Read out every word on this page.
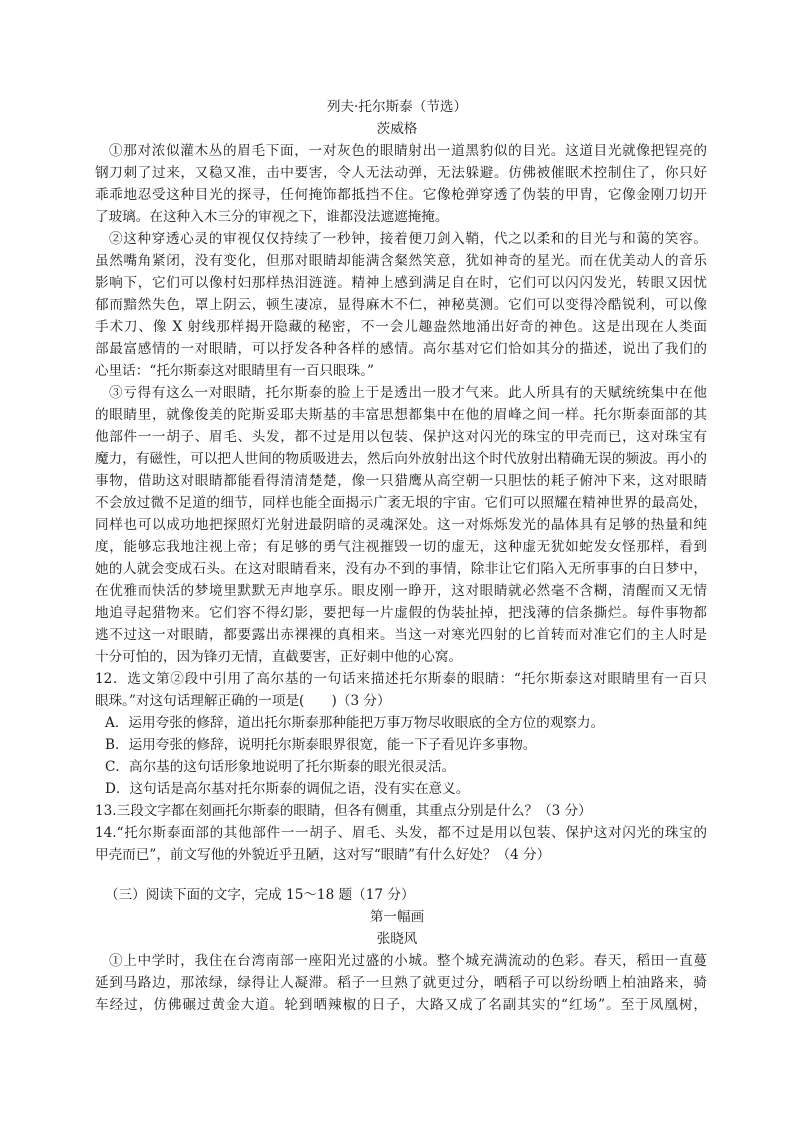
列夫·托尔斯泰（节选）
茨威格
①那对浓似灌木丛的眉毛下面，一对灰色的眼睛射出一道黑豹似的目光。这道目光就像把锃亮的
钢刀刺了过来，又稳又准，击中要害，令人无法动弹，无法躲避。仿佛被催眠术控制住了，你只好
乖乖地忍受这种目光的探寻，任何掩饰都抵挡不住。它像枪弹穿透了伪装的甲胄，它像金刚刀切开
了玻璃。在这种入木三分的审视之下，谁都没法遮遮掩掩。
②这种穿透心灵的审视仅仅持续了一秒钟，接着便刀剑入鞘，代之以柔和的目光与和蔼的笑容。
虽然嘴角紧闭，没有变化，但那对眼睛却能满含粲然笑意，犹如神奇的星光。而在优美动人的音乐
影响下，它们可以像村妇那样热泪涟涟。精神上感到满足自在时，它们可以闪闪发光，转眼又因忧
郁而黯然失色，罩上阴云，顿生凄凉，显得麻木不仁，神秘莫测。它们可以变得冷酷锐利，可以像
手术刀、像 X 射线那样揭开隐藏的秘密，不一会儿趣盎然地涌出好奇的神色。这是出现在人类面
部最富感情的一对眼睛，可以抒发各种各样的感情。高尔基对它们恰如其分的描述，说出了我们的
心里话：“托尔斯泰这对眼睛里有一百只眼珠。”
③亏得有这么一对眼睛，托尔斯泰的脸上于是透出一股才气来。此人所具有的天赋统统集中在他
的眼睛里，就像俊美的陀斯妥耶夫斯基的丰富思想都集中在他的眉峰之间一样。托尔斯泰面部的其
他部件一一胡子、眉毛、头发，都不过是用以包装、保护这对闪光的珠宝的甲壳而已，这对珠宝有
魔力，有磁性，可以把人世间的物质吸进去，然后向外放射出这个时代放射出精确无误的频波。再小的
事物，借助这对眼睛都能看得清清楚楚，像一只猎鹰从高空朝一只胆怯的耗子俯冲下来，这对眼睛
不会放过微不足道的细节，同样也能全面揭示广袤无垠的宇宙。它们可以照耀在精神世界的最高处，
同样也可以成功地把探照灯光射进最阴暗的灵魂深处。这一对烁烁发光的晶体具有足够的热量和纯
度，能够忘我地注视上帝；有足够的勇气注视摧毁一切的虚无，这种虚无犹如蛇发女怪那样，看到
她的人就会变成石头。在这对眼睛看来，没有办不到的事情，除非让它们陷入无所事事的白日梦中，
在优雅而快活的梦境里默默无声地享乐。眼皮刚一睁开，这对眼睛就必然毫不含糊，清醒而又无情
地追寻起猎物来。它们容不得幻影，要把每一片虚假的伪装扯掉，把浅薄的信条撕烂。每件事物都
逃不过这一对眼睛，都要露出赤裸裸的真相来。当这一对寒光四射的匕首转而对准它们的主人时是
十分可怕的，因为锋刃无情，直截要害，正好刺中他的心窝。
12．选文第②段中引用了高尔基的一句话来描述托尔斯泰的眼睛：“托尔斯泰这对眼睛里有一百只
眼珠。”对这句话理解正确的一项是(　　)（3 分）
A．运用夸张的修辞，道出托尔斯泰那种能把万事万物尽收眼底的全方位的观察力。
B．运用夸张的修辞，说明托尔斯泰眼界很宽，能一下子看见许多事物。
C．高尔基的这句话形象地说明了托尔斯泰的眼光很灵活。
D．这句话是高尔基对托尔斯泰的调侃之语，没有实在意义。
13.三段文字都在刻画托尔斯泰的眼睛，但各有侧重，其重点分别是什么？（3 分）
14.“托尔斯泰面部的其他部件一一胡子、眉毛、头发，都不过是用以包装、保护这对闪光的珠宝的
甲壳而已”，前文写他的外貌近乎丑陋，这对写“眼睛”有什么好处？（4 分）
（三）阅读下面的文字，完成 15～18 题（17 分）
第一幅画
张晓风
①上中学时，我住在台湾南部一座阳光过盛的小城。整个城充满流动的色彩。春天，稻田一直蔓
延到马路边，那浓绿，绿得让人凝滞。稻子一旦熟了就更过分，晒稻子可以纷纷晒上柏油路来，骑
车经过，仿佛碾过黄金大道。轮到晒辣椒的日子，大路又成了名副其实的“红场”。至于凤凰树，
